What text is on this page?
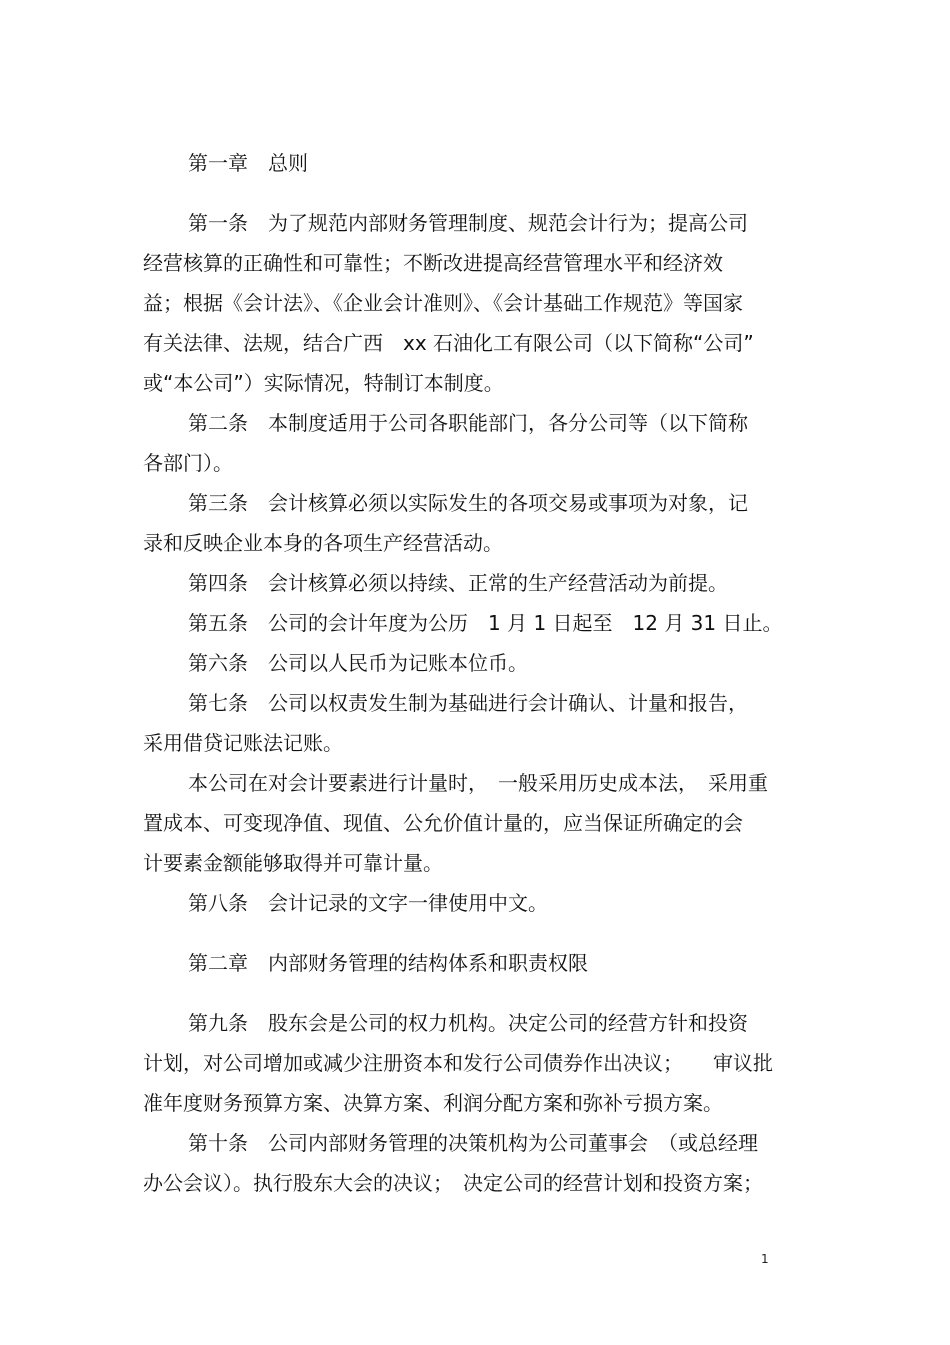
第一章　总则
第一条　为了规范内部财务管理制度、规范会计行为；提高公司
经营核算的正确性和可靠性；不断改进提高经营管理水平和经济效
益；根据《会计法》、《企业会计准则》、《会计基础工作规范》等国家
有关法律、法规，结合广西　xx 石油化工有限公司（以下简称“公司”
或“本公司”）实际情况，特制订本制度。
第二条　本制度适用于公司各职能部门，各分公司等（以下简称
各部门）。
第三条　会计核算必须以实际发生的各项交易或事项为对象，记
录和反映企业本身的各项生产经营活动。
第四条　会计核算必须以持续、正常的生产经营活动为前提。
第五条　公司的会计年度为公历　1 月 1 日起至　12 月 31 日止。
第六条　公司以人民币为记账本位币。
第七条　公司以权责发生制为基础进行会计确认、计量和报告，
采用借贷记账法记账。
本公司在对会计要素进行计量时，　一般采用历史成本法，　采用重
置成本、可变现净值、现值、公允价值计量的，应当保证所确定的会
计要素金额能够取得并可靠计量。
第八条　会计记录的文字一律使用中文。
第二章　内部财务管理的结构体系和职责权限
第九条　股东会是公司的权力机构。决定公司的经营方针和投资
计划，对公司增加或减少注册资本和发行公司债券作出决议；　　审议批
准年度财务预算方案、决算方案、利润分配方案和弥补亏损方案。
第十条　公司内部财务管理的决策机构为公司董事会　（或总经理
办公会议）。执行股东大会的决议；　决定公司的经营计划和投资方案；
1
